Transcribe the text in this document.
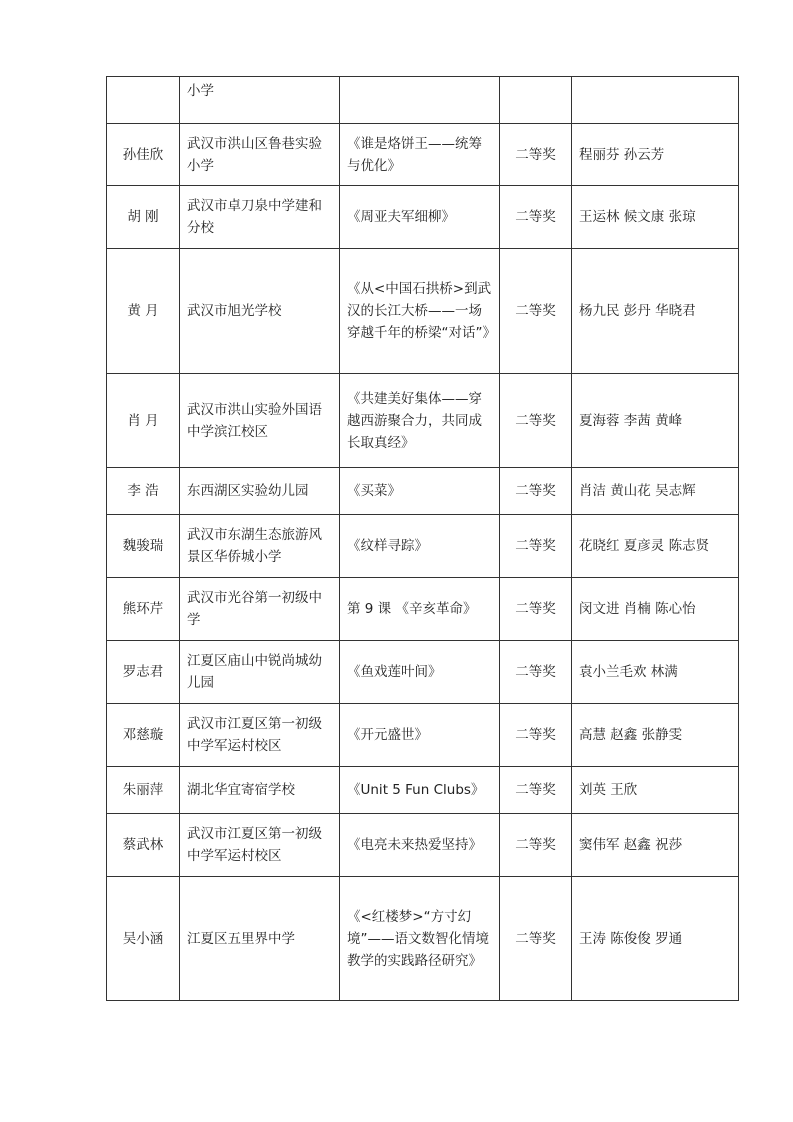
	小学			
孙佳欣	武汉市洪山区鲁巷实验小学	《谁是烙饼王——统筹与优化》	二等奖	程丽芬 孙云芳
胡 刚	武汉市卓刀泉中学建和分校	《周亚夫军细柳》	二等奖	王运林 候文康 张琼
黄 月	武汉市旭光学校	《从<中国石拱桥>到武汉的长江大桥——一场穿越千年的桥梁“对话”》	二等奖	杨九民 彭丹 华晓君
肖 月	武汉市洪山实验外国语中学滨江校区	《共建美好集体——穿越西游聚合力，共同成长取真经》	二等奖	夏海蓉 李茜 黄峰
李 浩	东西湖区实验幼儿园	《买菜》	二等奖	肖洁 黄山花 吴志辉
魏骏瑞	武汉市东湖生态旅游风景区华侨城小学	《纹样寻踪》	二等奖	花晓红 夏彦灵 陈志贤
熊环芹	武汉市光谷第一初级中学	第 9 课 《辛亥革命》	二等奖	闵文进 肖楠 陈心怡
罗志君	江夏区庙山中锐尚城幼儿园	《鱼戏莲叶间》	二等奖	袁小兰毛欢 林满
邓慈璇	武汉市江夏区第一初级中学军运村校区	《开元盛世》	二等奖	高慧 赵鑫 张静雯
朱丽萍	湖北华宜寄宿学校	《Unit 5 Fun Clubs》	二等奖	刘英 王欣
蔡武林	武汉市江夏区第一初级中学军运村校区	《电亮未来热爱坚持》	二等奖	窦伟军 赵鑫 祝莎
吴小涵	江夏区五里界中学	《<红楼梦>“方寸幻境”——语文数智化情境教学的实践路径研究》	二等奖	王涛 陈俊俊 罗通
